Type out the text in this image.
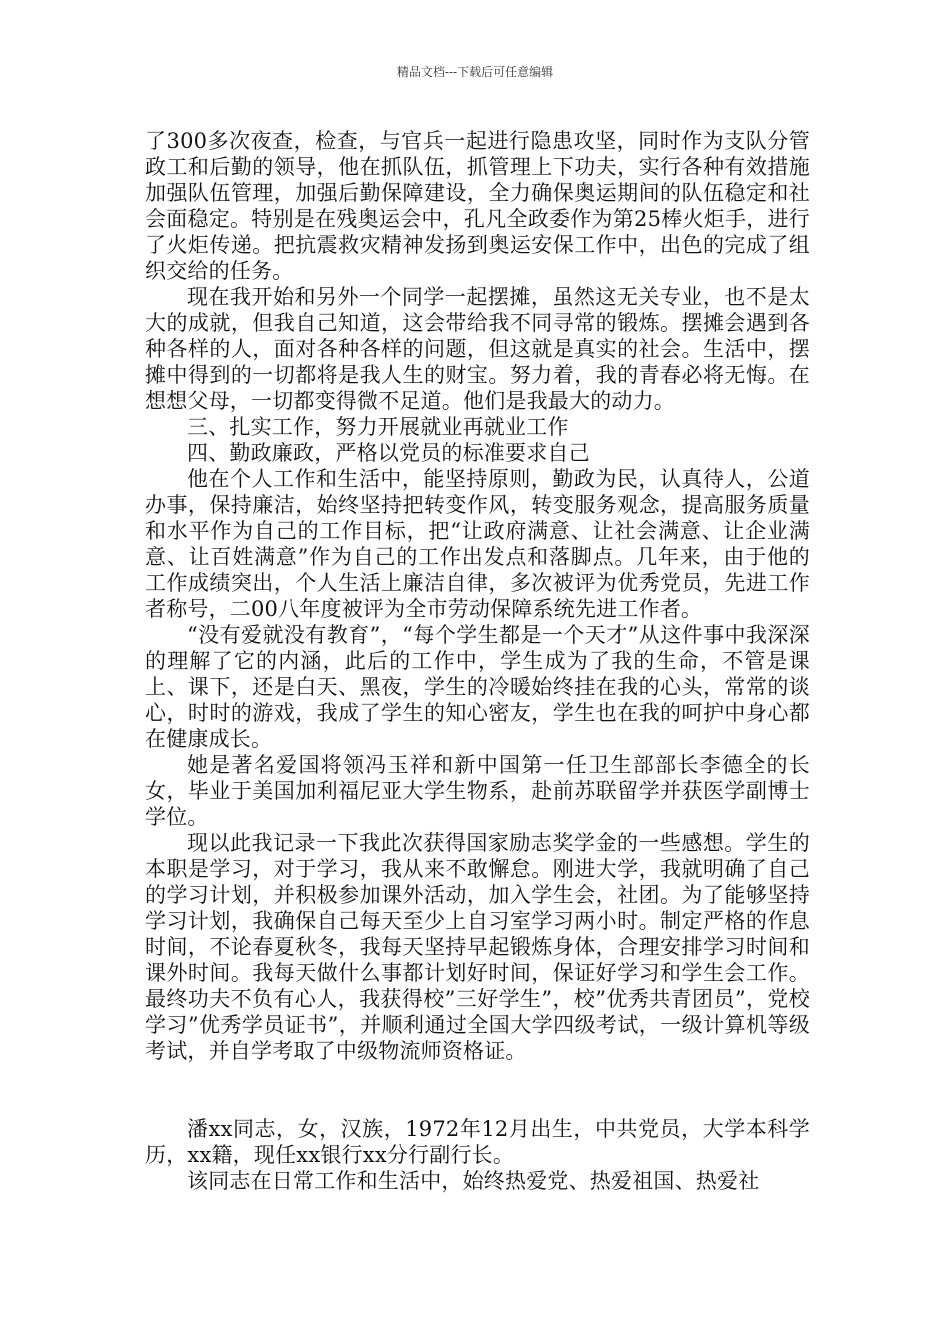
精品文档---下载后可任意编辑

了300多次夜查，检查，与官兵一起进行隐患攻坚，同时作为支队分管政工和后勤的领导，他在抓队伍，抓管理上下功夫，实行各种有效措施加强队伍管理，加强后勤保障建设，全力确保奥运期间的队伍稳定和社会面稳定。特别是在残奥运会中，孔凡全政委作为第25棒火炬手，进行了火炬传递。把抗震救灾精神发扬到奥运安保工作中，出色的完成了组织交给的任务。

现在我开始和另外一个同学一起摆摊，虽然这无关专业，也不是太大的成就，但我自己知道，这会带给我不同寻常的锻炼。摆摊会遇到各种各样的人，面对各种各样的问题，但这就是真实的社会。生活中，摆摊中得到的一切都将是我人生的财宝。努力着，我的青春必将无悔。在想想父母，一切都变得微不足道。他们是我最大的动力。

三、扎实工作，努力开展就业再就业工作

四、勤政廉政，严格以党员的标准要求自己

他在个人工作和生活中，能坚持原则，勤政为民，认真待人，公道办事，保持廉洁，始终坚持把转变作风，转变服务观念，提高服务质量和水平作为自己的工作目标，把“让政府满意、让社会满意、让企业满意、让百姓满意”作为自己的工作出发点和落脚点。几年来，由于他的工作成绩突出，个人生活上廉洁自律，多次被评为优秀党员，先进工作者称号，二00八年度被评为全市劳动保障系统先进工作者。

“没有爱就没有教育”，“每个学生都是一个天才”从这件事中我深深的理解了它的内涵，此后的工作中，学生成为了我的生命，不管是课上、课下，还是白天、黑夜，学生的冷暖始终挂在我的心头，常常的谈心，时时的游戏，我成了学生的知心密友，学生也在我的呵护中身心都在健康成长。

她是著名爱国将领冯玉祥和新中国第一任卫生部部长李德全的长女，毕业于美国加利福尼亚大学生物系，赴前苏联留学并获医学副博士学位。

现以此我记录一下我此次获得国家励志奖学金的一些感想。学生的本职是学习，对于学习，我从来不敢懈怠。刚进大学，我就明确了自己的学习计划，并积极参加课外活动，加入学生会，社团。为了能够坚持学习计划，我确保自己每天至少上自习室学习两小时。制定严格的作息时间，不论春夏秋冬，我每天坚持早起锻炼身体，合理安排学习时间和课外时间。我每天做什么事都计划好时间，保证好学习和学生会工作。最终功夫不负有心人，我获得校”三好学生”，校”优秀共青团员”，党校学习”优秀学员证书”，并顺利通过全国大学四级考试，一级计算机等级考试，并自学考取了中级物流师资格证。

潘xx同志，女，汉族，1972年12月出生，中共党员，大学本科学历，xx籍，现任xx银行xx分行副行长。

该同志在日常工作和生活中，始终热爱党、热爱祖国、热爱社
